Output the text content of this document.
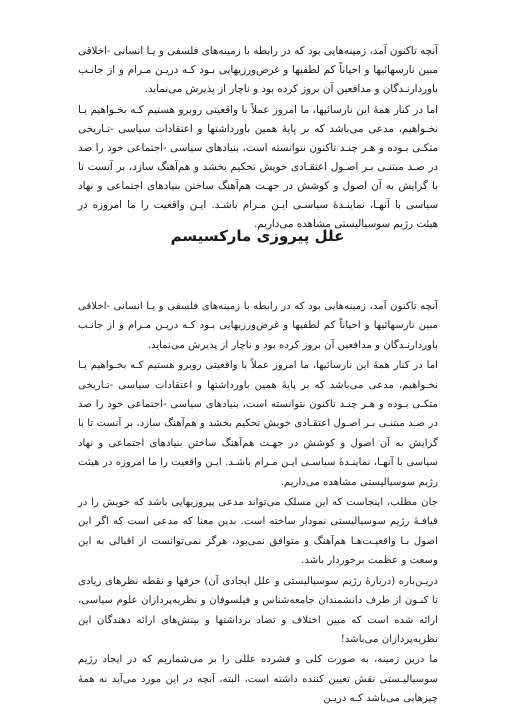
آنچه تاکنون آمد، زمینه‌هایی بود که در رابطه با زمینه‌های فلسفی و یـا انسانی -اخلاقی مبین نارسهائیها و احیاناً کم لطفیها و غرض‌ورزیهایی بـود کـه دریـن مـرام و از جانـب باوردارنـدگان و مدافعین آن بروز کرده بود و ناچار از پذیرش می‌نماید.

اما در کنار همهٔ این نارسائیها، ما امروز عملاً با واقعیتی روبرو هستیم کـه بخـواهیم یـا نخـواهیم، مدعی می‌باشد که بر پایهٔ همین باورداشتها و اعتقادات سیاسی -تـاریخی متکـی بـوده و هـر چنـد تاکنون نتوانسته است، بنیادهای سیاسی -اجتماعی خود را صد در صـد مبتنـی بـر اصـول اعتقـادی خویش تحکیم بخشد و هم‌آهنگ سازد، بر آنست تا با گرایش به آن اصول و کوشش در جهـت هم‌آهنگ ساختن بنیادهای اجتماعی و نهاد سیاسی با آنهـا، نماینـدهٔ سیاسـی ایـن مـرام باشـد. ایـن واقعیت را ما امروزه در هیئت رژیم سوسیالیستی مشاهده می‌داریم.

علل پیروزی مارکسیسم

آنچه تاکنون آمد، زمینه‌هایی بود که در رابطه با زمینه‌های فلسفی و یـا انسانی -اخلاقی مبین نارسهائیها و احیاناً کم لطفیها و غرض‌ورزیهایی بـود کـه دریـن مـرام و از جانـب باوردارنـدگان و مدافعین آن بروز کرده بود و ناچار از پذیرش می‌نماید.

اما در کنار همهٔ این نارسائیها، ما امروز عملاً با واقعیتی روبرو هستیم کـه بخـواهیم یـا نخـواهیم، مدعی می‌باشد که بر پایهٔ همین باورداشتها و اعتقادات سیاسی -تـاریخی متکـی بـوده و هـر چنـد تاکنون نتوانسته است، بنیادهای سیاسی -اجتماعی خود را صد در صـد مبتنـی بـر اصـول اعتقـادی خویش تحکیم بخشد و هم‌آهنگ سازد، بر آنست تا با گرایش به آن اصول و کوشش در جهـت هم‌آهنگ ساختن بنیادهای اجتماعی و نهاد سیاسی با آنهـا، نماینـدهٔ سیاسـی ایـن مـرام باشـد. ایـن واقعیت را ما امروزه در هیئت رژیم سوسیالیستی مشاهده می‌داریم.

جان مطلب، اینجاست که این مسلک می‌تواند مدعی پیروزیهایی باشد که خویش را در قیافـهٔ رژیم سوسیالیستی نمودار ساخته است. بدین معنا که مدعی است که اگر این اصول بـا واقعیـت‌هـا هم‌آهنگ و متوافق نمی‌بود، هرگز نمی‌توانست از اقبالی به این وسعت و عظمت برخوردار باشد.

دریـن‌باره (دربارهٔ رژیم سوسیالیستی و علل ایجادی آن) حرفها و نقطه نظرهای زیادی تا کنـون از طرف دانشمندان جامعه‌شناس و فیلسوفان و نظریه‌پردازان علوم سیاسی، ارائه شده است که مبین اختلاف و تضاد برداشتها و بینش‌های ارائه دهندگان این نظریه‌پردازان می‌باشد!

ما درین زمینه، به صورت کلی و فشرده عللی را بر می‌شماریم که در ایجاد رژیم سوسیالیـستی نقش تعیین کننده داشته است، البته، آنچه در این مورد می‌آید نه همهٔ چیزهایی می‌باشد کـه دریـن
